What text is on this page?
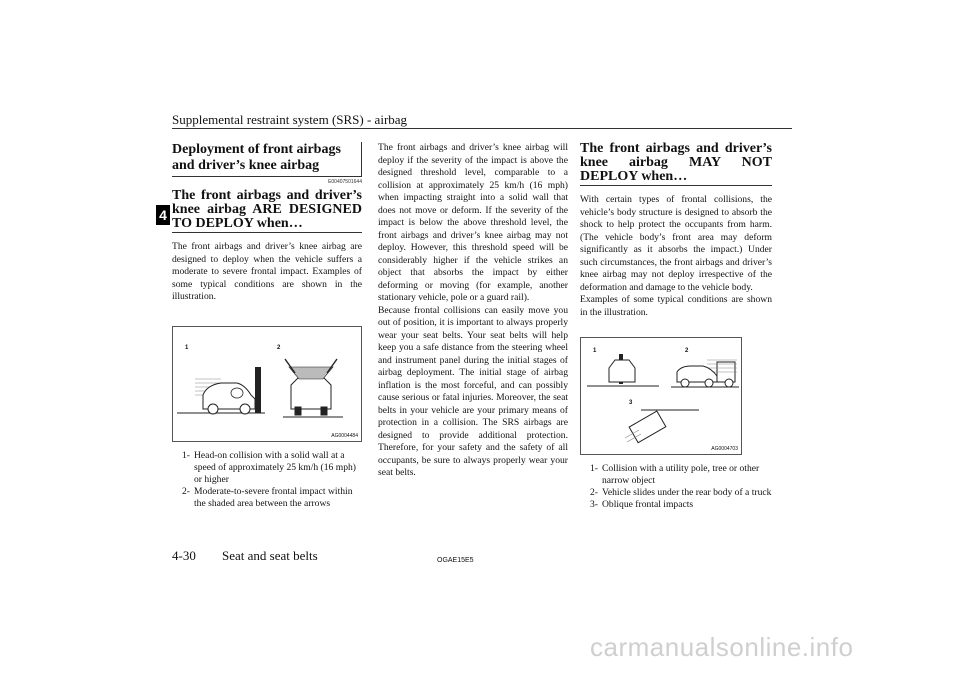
Supplemental restraint system (SRS) - airbag
4
Deployment of front airbags and driver’s knee airbag
E00407501644
The front airbags and driver’s knee airbag ARE DESIGNED TO DEPLOY when…

The front airbags and driver’s knee airbag are designed to deploy when the vehicle suffers a moderate to severe frontal impact. Examples of some typical conditions are shown in the illustration.

1	2
AG0004484
1- Head-on collision with a solid wall at a speed of approximately 25 km/h (16 mph) or higher
2- Moderate-to-severe frontal impact within the shaded area between the arrows

The front airbags and driver’s knee airbag will deploy if the severity of the impact is above the designed threshold level, comparable to a collision at approximately 25 km/h (16 mph) when impacting straight into a solid wall that does not move or deform. If the severity of the impact is below the above threshold level, the front airbags and driver’s knee airbag may not deploy. However, this threshold speed will be considerably higher if the vehicle strikes an object that absorbs the impact by either deforming or moving (for example, another stationary vehicle, pole or a guard rail).

Because frontal collisions can easily move you out of position, it is important to always properly wear your seat belts. Your seat belts will help keep you a safe distance from the steering wheel and instrument panel during the initial stages of airbag deployment. The initial stage of airbag inflation is the most forceful, and can possibly cause serious or fatal injuries. Moreover, the seat belts in your vehicle are your primary means of protection in a collision. The SRS airbags are designed to provide additional protection. Therefore, for your safety and the safety of all occupants, be sure to always properly wear your seat belts.

The front airbags and driver’s knee airbag MAY NOT DEPLOY when…

With certain types of frontal collisions, the vehicle’s body structure is designed to absorb the shock to help protect the occupants from harm. (The vehicle body’s front area may deform significantly as it absorbs the impact.) Under such circumstances, the front airbags and driver’s knee airbag may not deploy irrespective of the deformation and damage to the vehicle body.

Examples of some typical conditions are shown in the illustration.

1	2
3
AG0004703
1- Collision with a utility pole, tree or other narrow object
2- Vehicle slides under the rear body of a truck
3- Oblique frontal impacts
4-30 Seat and seat belts	OGAE15E5
carmanualsonline.info
